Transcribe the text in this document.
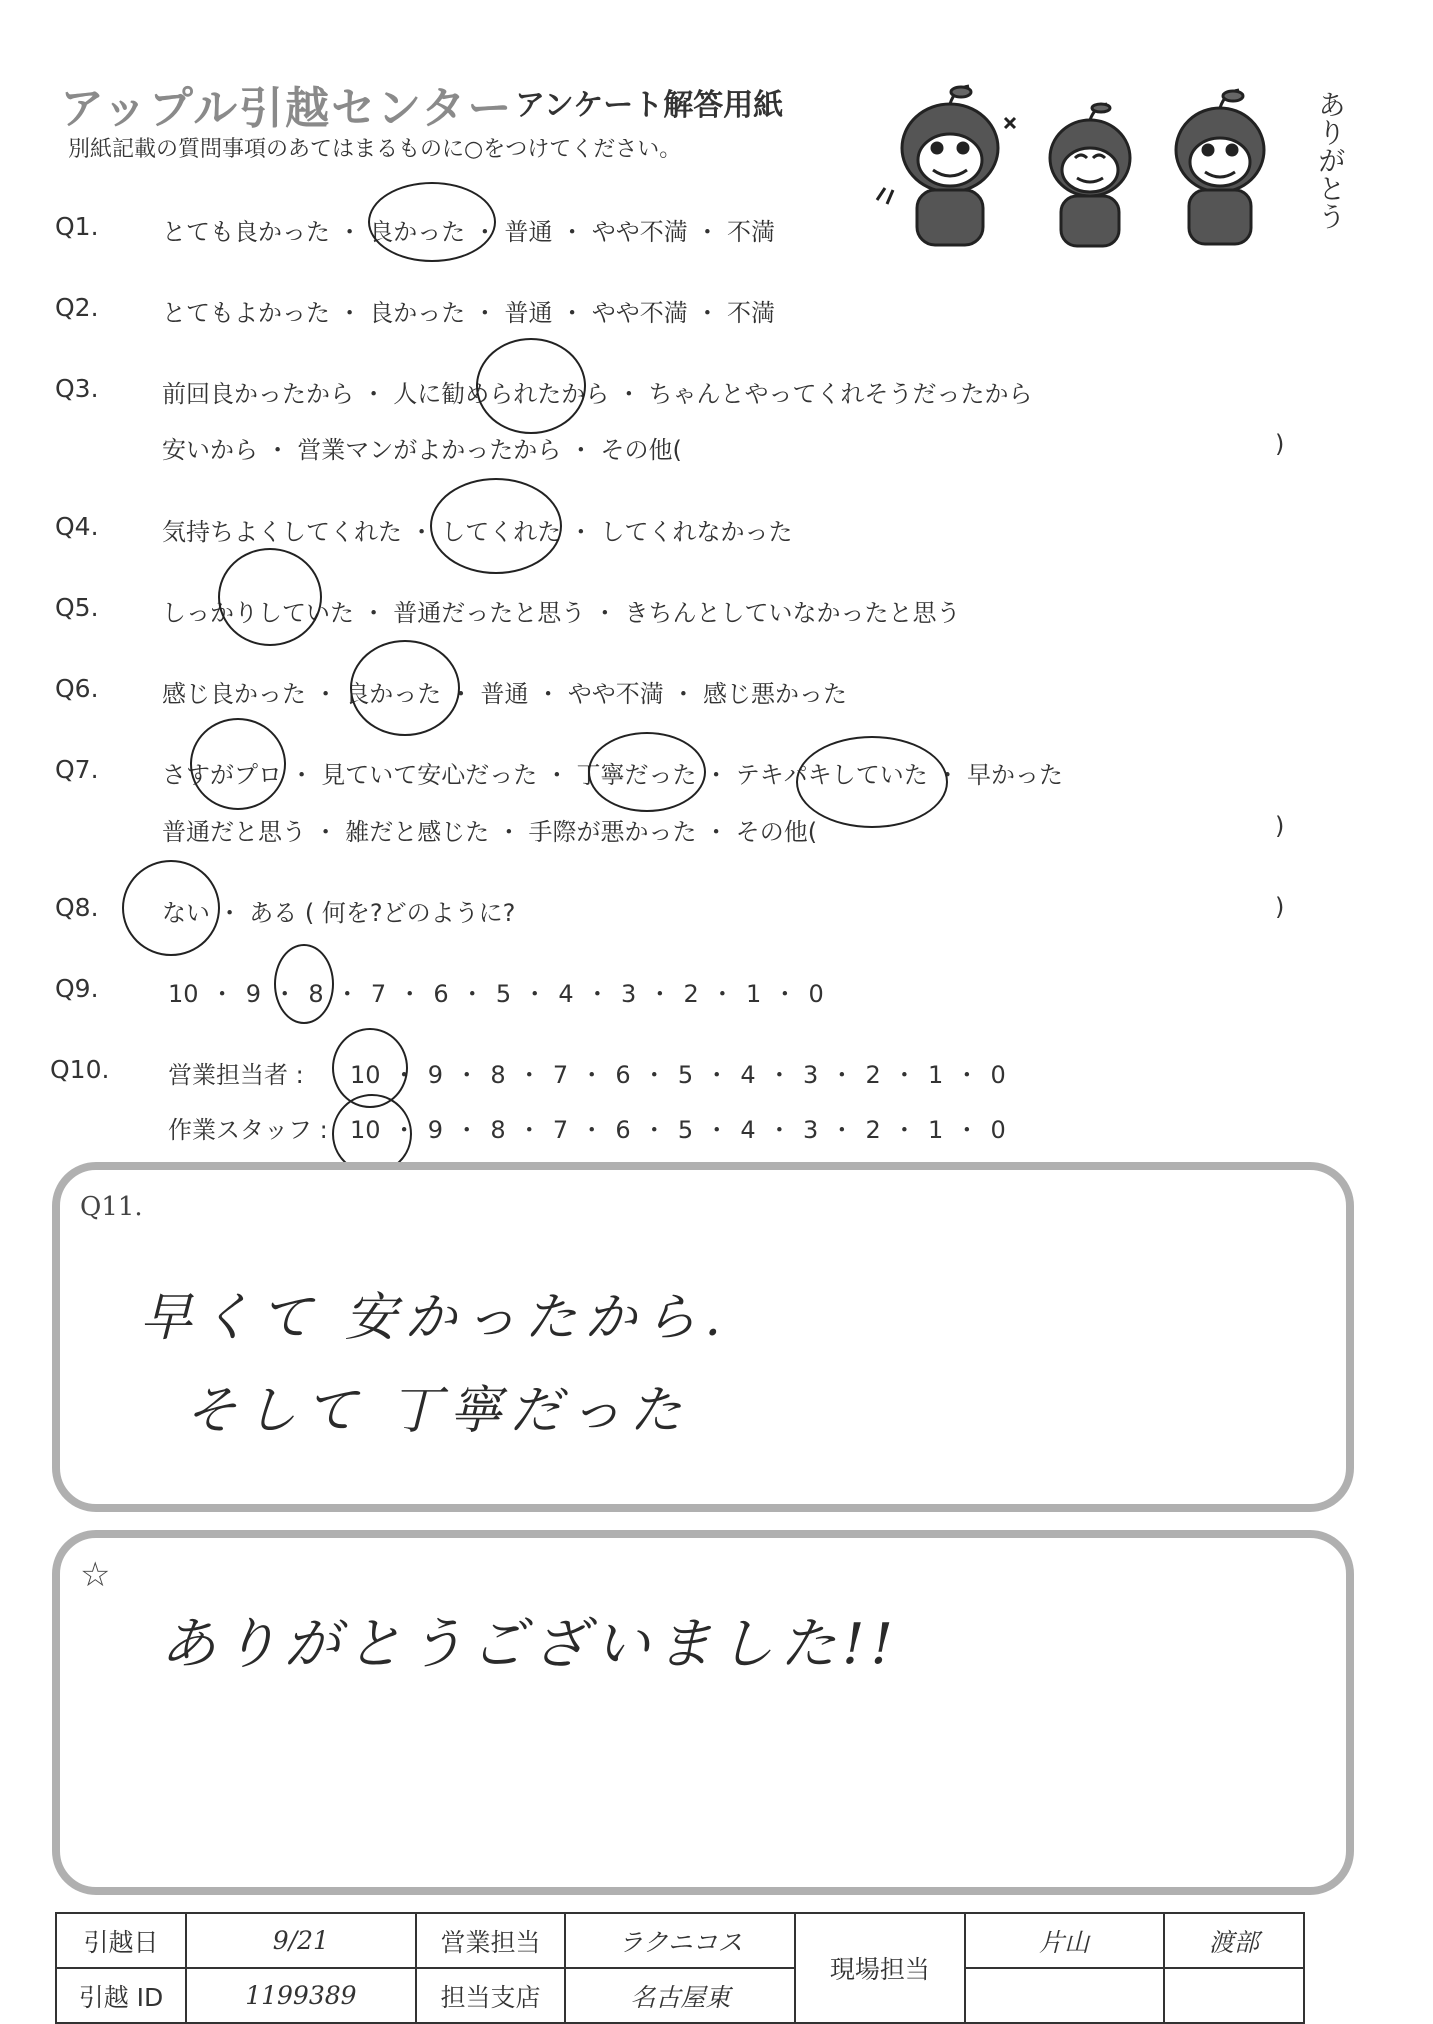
アップル引越センター アンケート解答用紙
別紙記載の質問事項のあてはまるものに○をつけてください。	ありがとう
Q1.	とても良かった ・ 良かった ・ 普通 ・ やや不満 ・ 不満
Q2.	とてもよかった ・ 良かった ・ 普通 ・ やや不満 ・ 不満
Q3.	前回良かったから ・ 人に勧められたから ・ ちゃんとやってくれそうだったから
安いから ・ 営業マンがよかったから ・ その他(	)
Q4.	気持ちよくしてくれた ・ してくれた ・ してくれなかった
Q5.	しっかりしていた ・ 普通だったと思う ・ きちんとしていなかったと思う
Q6.	感じ良かった ・ 良かった ・ 普通 ・ やや不満 ・ 感じ悪かった
Q7.	さすがプロ ・ 見ていて安心だった ・ 丁寧だった ・ テキパキしていた ・ 早かった
普通だと思う ・ 雑だと感じた ・ 手際が悪かった ・ その他(	)
Q8.	ない ・ ある ( 何を?どのように?	)
Q9.	10 ・ 9 ・ 8 ・ 7 ・ 6 ・ 5 ・ 4 ・ 3 ・ 2 ・ 1 ・ 0
Q10. 営業担当者 : 10 ・ 9 ・ 8 ・ 7 ・ 6 ・ 5 ・ 4 ・ 3 ・ 2 ・ 1 ・ 0
作業スタッフ : 10 ・ 9 ・ 8 ・ 7 ・ 6 ・ 5 ・ 4 ・ 3 ・ 2 ・ 1 ・ 0
Q11.
早くて 安かったから.
そして 丁寧だった
☆
ありがとうございました!!
引越日	9/21	営業担当	ラクニコス	現場担当	片山	渡部
引越 ID	1199389	担当支店	名古屋東			
